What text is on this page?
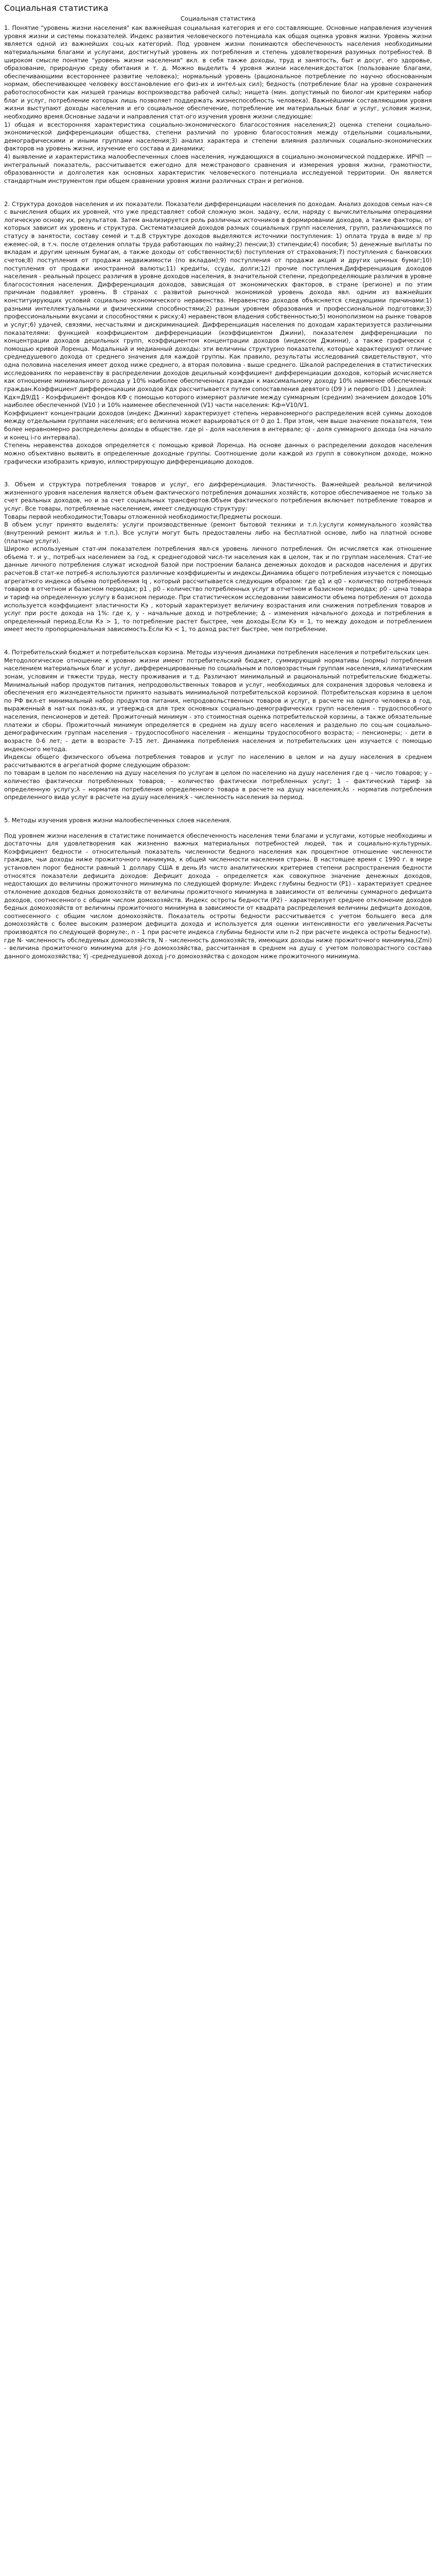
Социальная статистика
Социальная статистика

1. Понятие "уровень жизни населения" как важнейшая социальная категория и его составляющие. Основные направления изучения уровня жизни и системы показателей. Индекс развития человеческого потенциала как общая оценка уровня жизни. Уровень жизни является одной из важнейших соц-ых категорий. Под уровнем жизни понимаются обеспеченность населения необходимыми материальными благами и услугами, достигнутый уровень их потребления и степень удовлетворения разумных потребностей. В широком смысле понятие "уровень жизни населения" вкл. в себя также доходы, труд и занятость, быт и досуг, его здоровье, образование, природную среду обитания и т. д. Можно выделить 4 уровня жизни населения:достаток (пользование благами, обеспечивающими всестороннее развитие человека); нормальный уровень (рациональное потребление по научно обоснованным нормам, обеспечивающее человеку восстановление его физ-их и интел-ых сил); бедность (потребление благ на уровне сохранения работоспособности как низшей границы воспроизводства рабочей силы); нищета (мин. допустимый по биолог-им критериям набор благ и услуг, потребление которых лишь позволяет поддержать жизнеспособность человека). Важнейшими составляющими уровня жизни выступают доходы населения и его социальное обеспечение, потребление им материальных благ и услуг, условия жизни, необходимо время.Основные задачи и направления стат-ого изучения уровня жизни следующие:

1) общая и всесторонняя характеристика социально-экономического благосостояния населения;2) оценка степени социально-экономической дифференциации общества, степени различий по уровню благосостояния между отдельными социальными, демографическими и иными группами населения;3) анализ характера и степени влияния различных социально-экономических факторов на уровень жизни, изучение его состава и динамики;

4) выявление и характеристика малообеспеченных слоев населения, нуждающихся в социально-экономической поддержке. ИРЧП — интегральный показатель, рассчитывается ежегодно для межстранового сравнения и измерения уровня жизни, грамотности, образованности и долголетия как основных характеристик человеческого потенциала исследуемой территории. Он является стандартным инструментом при общем сравнении уровня жизни различных стран и регионов.

2. Структура доходов населения и их показатели. Показатели дифференциации населения по доходам. Анализ доходов семьи нач-ся с вычисления общих их уровней, что уже представляет собой сложную экон. задачу, если, наряду с вычислительными операциями логическую основу их, результатов. Затем анализируется роль различных источников в формировании доходов, а также факторы, от которых зависит их уровень и структура. Систематизацией доходов разных социальных групп населения, групп, различающихся по статусу в занятости, составу семей и т.д.В структуре доходов выделяются источники поступления: 1) оплата труда в виде з/ пр ежемес-ой, в т.ч. после отделения оплаты труда работающих по найму;2) пенсии;3) стипендии;4) пособия; 5) денежные выплаты по вкладам и другим ценным бумагам, а также доходы от собственности;6) поступления от страхования;7) поступления с банковских счетов;8) поступления от продажи недвижимости (по вкладам);9) поступления от продажи акций и других ценных бумаг;10) поступления от продажи иностранной валюты;11) кредиты, ссуды, долги;12) прочие поступления.Дифференциация доходов населения - реальный процесс различия в уровне доходов населения, в значительной степени, предопределяющие различия в уровне благосостояния населения. Дифференциация доходов, зависящая от экономических факторов, в стране (регионе) и по этим причинам подавляет уровень. В странах с развитой рыночной экономикой уровень дохода явл. одним из важнейших конституирующих условий социально экономического неравенства. Неравенство доходов объясняется следующими причинами:1) разными интеллектуальными и физическими способностями;2) разным уровнем образования и профессиональной подготовки;3) профессиональными вкусами и способностями к риску;4) неравенством владения собственностью;5) монополизмом на рынке товаров и услуг;6) удачей, связями, несчастьями и дискриминацией. Дифференциация населения по доходам характеризуется различными показателями: функцией коэффициентом дифференциации (коэффициентом Джини), показателем дифференциации по концентрации доходов децильных групп, коэффициентом концентрации доходов (индексом Джинни), а также графически с помощью кривой Лоренца. Модальный и медианный доходы: эти величины структурно показатели, которые характеризуют отличие среднедушевого дохода от среднего значения для каждой группы. Как правило, результаты исследований свидетельствуют, что одна половина населения имеет доход ниже среднего, а вторая половина - выше среднего. Шкалой распределения в статистических исследованиях по неравенству в распределении доходов децильный коэффициент дифференциации доходов, который исчисляется как отношение минимального дохода у 10% наиболее обеспеченных граждан к максимальному доходу 10% наименее обеспеченных граждан.Коэффициент дифференциации доходов Кдх рассчитывается путем сопоставления девятого (D9 ) и первого (D1 ) децилей:

Кдх=Д9/Д1 - Коэффициент фондов КФ с помощью которого измеряют различие между суммарным (средним) значением доходов 10% наиболее обеспеченной (V10 ) и 10% наименее обеспеченной (V1) части населения: Кф=V10/V1.

Коэффициент концентрации доходов (индекс Джинни) характеризует степень неравномерного распределения всей суммы доходов между отдельными группами населения; его величина может варьироваться от 0 до 1. При этом, чем выше значение показателя, тем более неравномерно распределены доходы в обществе. где pi - доля населения в интервале; qi - доля суммарного дохода (на начало и конец i-го интервала).

Степень неравенства доходов определяется с помощью кривой Лоренца. На основе данных о распределении доходов населения можно объективно выявить в определенные доходные группы. Соотношение доли каждой из групп в совокупном доходе, можно графически изобразить кривую, иллюстрирующую дифференциацию доходов.

3. Объем и структура потребления товаров и услуг, его дифференциация. Эластичность. Важнейшей реальной величиной жизненного уровня населения является объем фактического потребления домашних хозяйств, которое обеспечиваемое не только за счет реальных доходов, но и за счет социальных трансфертов.Объем фактического потребления включает потребление товаров и услуг. Все товары, потребляемые населением, имеет следующую структуру:

Товары первой необходимости;Товары отложенной необходимости;Предметы роскоши.

В объем услуг принято выделять: услуги производственные (ремонт бытовой техники и т.п.);услуги коммунального хозяйства (внутренний ремонт жилья и т.п.). Все услуги могут быть предоставлены либо на бесплатной основе, либо на платной основе (платные услуги).

Широко используемым стат-им показателем потребления явл-ся уровень личного потребления. Он исчисляется как отношение объема т. и у., потреб-ых населением за год, к среднегодовой числ-ти населения как в целом, так и по группам населения. Стат-ие данные личного потребления служат исходной базой при построении баланса денежных доходов и расходов населения и других расчетов.В стат-ке потреб-я используются различные коэффициенты и индексы.Динамика общего потребления изучается с помощью агрегатного индекса объема потребления Iq , который рассчитывается следующим образом: где q1 и q0 - количество потребленных товаров в отчетном и базисном периодах; p1 , p0 - количество потребленных услуг в отчетном и базисном периодах; p0 - цена товара и тариф на определенную услугу в базисном периоде. При статистическом исследовании зависимости объема потребления от дохода используется коэффициент эластичности Кэ , который характеризует величину возрастания или снижения потребления товаров и услуг при росте дохода на 1%: где x, y - начальные доход и потребление; ∆ - изменения начального дохода и потребления в определенный период.Если Кэ > 1, то потребление растет быстрее, чем доходы.Если Кэ = 1, то между доходом и потреблением имеет место пропорциональная зависимость.Если Кэ < 1, то доход растет быстрее, чем потребление.

4. Потребительский бюджет и потребительская корзина. Методы изучения динамики потребления населения и потребительских цен.

Методологическое отношение к уровню жизни имеют потребительский бюджет, суммирующий нормативы (нормы) потребления населением материальных благ и услуг, дифференцированные по социальным и половозрастным группам населения, климатическим зонам, условиям и тяжести труда, месту проживания и т.д. Различают минимальный и рациональный потребительские бюджеты. Минимальный набор продуктов питания, непродовольственных товаров и услуг, необходимых для сохранения здоровья человека и обеспечения его жизнедеятельности принято называть минимальной потребительской корзиной. Потребительская корзина в целом по РФ вкл-ет минимальный набор продуктов питания, непродовольственных товаров и услуг, в расчете на одного человека в год, выраженный в нат-ых показ-ях, и утвержд-ся для трех основных социально-демографических групп населения - трудоспособного населения, пенсионеров и детей. Прожиточный минимум - это стоимостная оценка потребительской корзины, а также обязательные платежи и сборы. Прожиточный минимум определяется в среднем на душу всего населения и раздельно по соц-ым социально-демографическим группам населения - трудоспособного населения - женщины трудоспособного возраста; - пенсионеры; - дети в возрасте 0-6 лет; - дети в возрасте 7-15 лет. Динамика потребления населения и потребительских цен изучается с помощью индексного метода.

Индексы общего физического объема потребления товаров и услуг по населению в целом и на душу населения в среднем рассчитываются в агрегатной форме следующим образом:

по товарам в целом по населению на душу населения по услугам в целом по населению на душу населения где q - число товаров; у - количество фактически потребленных товаров; - количество фактически потребленных услуг; 1 - фактический тариф за определенную услугу;λ - норматив потребления определенного товара в расчете на душу населения;λs - норматив потребления определенного вида услуг в расчете на душу населения;k - численность населения за период.

5. Методы изучения уровня жизни малообеспеченных слоев населения.

Под уровнем жизни населения в статистике понимается обеспеченность населения теми благами и услугами, которые необходимы и достаточны для удовлетворения как жизненно важных материальных потребностей людей, так и социально-культурных. Коэффициент бедности - относительный показатель численности бедного населения как процентное отношение численности граждан, чьи доходы ниже прожиточного минимума, к общей численности населения страны. В настоящее время с 1990 г. в мире установлен порог бедности равный 1 доллару США в день.Из чисто аналитических критериев степени распространения бедности относятся показатели дефицита доходов: Дефицит дохода - определяется как совокупное значение денежных доходов, недостающих до величины прожиточного минимума по следующей формуле: Индекс глубины бедности (P1) - характеризует среднее отклонение доходов бедных домохозяйств от величины прожиточного минимума в зависимости от величины суммарного дефицита доходов, соотнесенного с общим числом домохозяйств. Индекс остроты бедности (P2) - характеризует среднее отклонение доходов бедных домохозяйств от величины прожиточного минимума в зависимости от квадрата распределения величины дефицита доходов, соотнесенного с общим числом домохозяйств. Показатель остроты бедности рассчитывается с учетом большего веса для домохозяйств с более высоким размером дефицита дохода и используется для оценки интенсивности его увеличения.Расчеты производятся по следующей формуле:, n - 1 при расчете индекса глубины бедности или n-2 при расчете индекса остроты бедности). где N- численность обследуемых домохозяйств, N - численность домохозяйств, имеющих доходы ниже прожиточного минимума,(Zmi) - величина прожиточного минимума для j-го домохозяйства, рассчитанная в среднем на душу с учетом половозрастного состава данного домохозяйства; Yj -среднедушевой доход j-го домохозяйства с доходом ниже прожиточного минимума.
